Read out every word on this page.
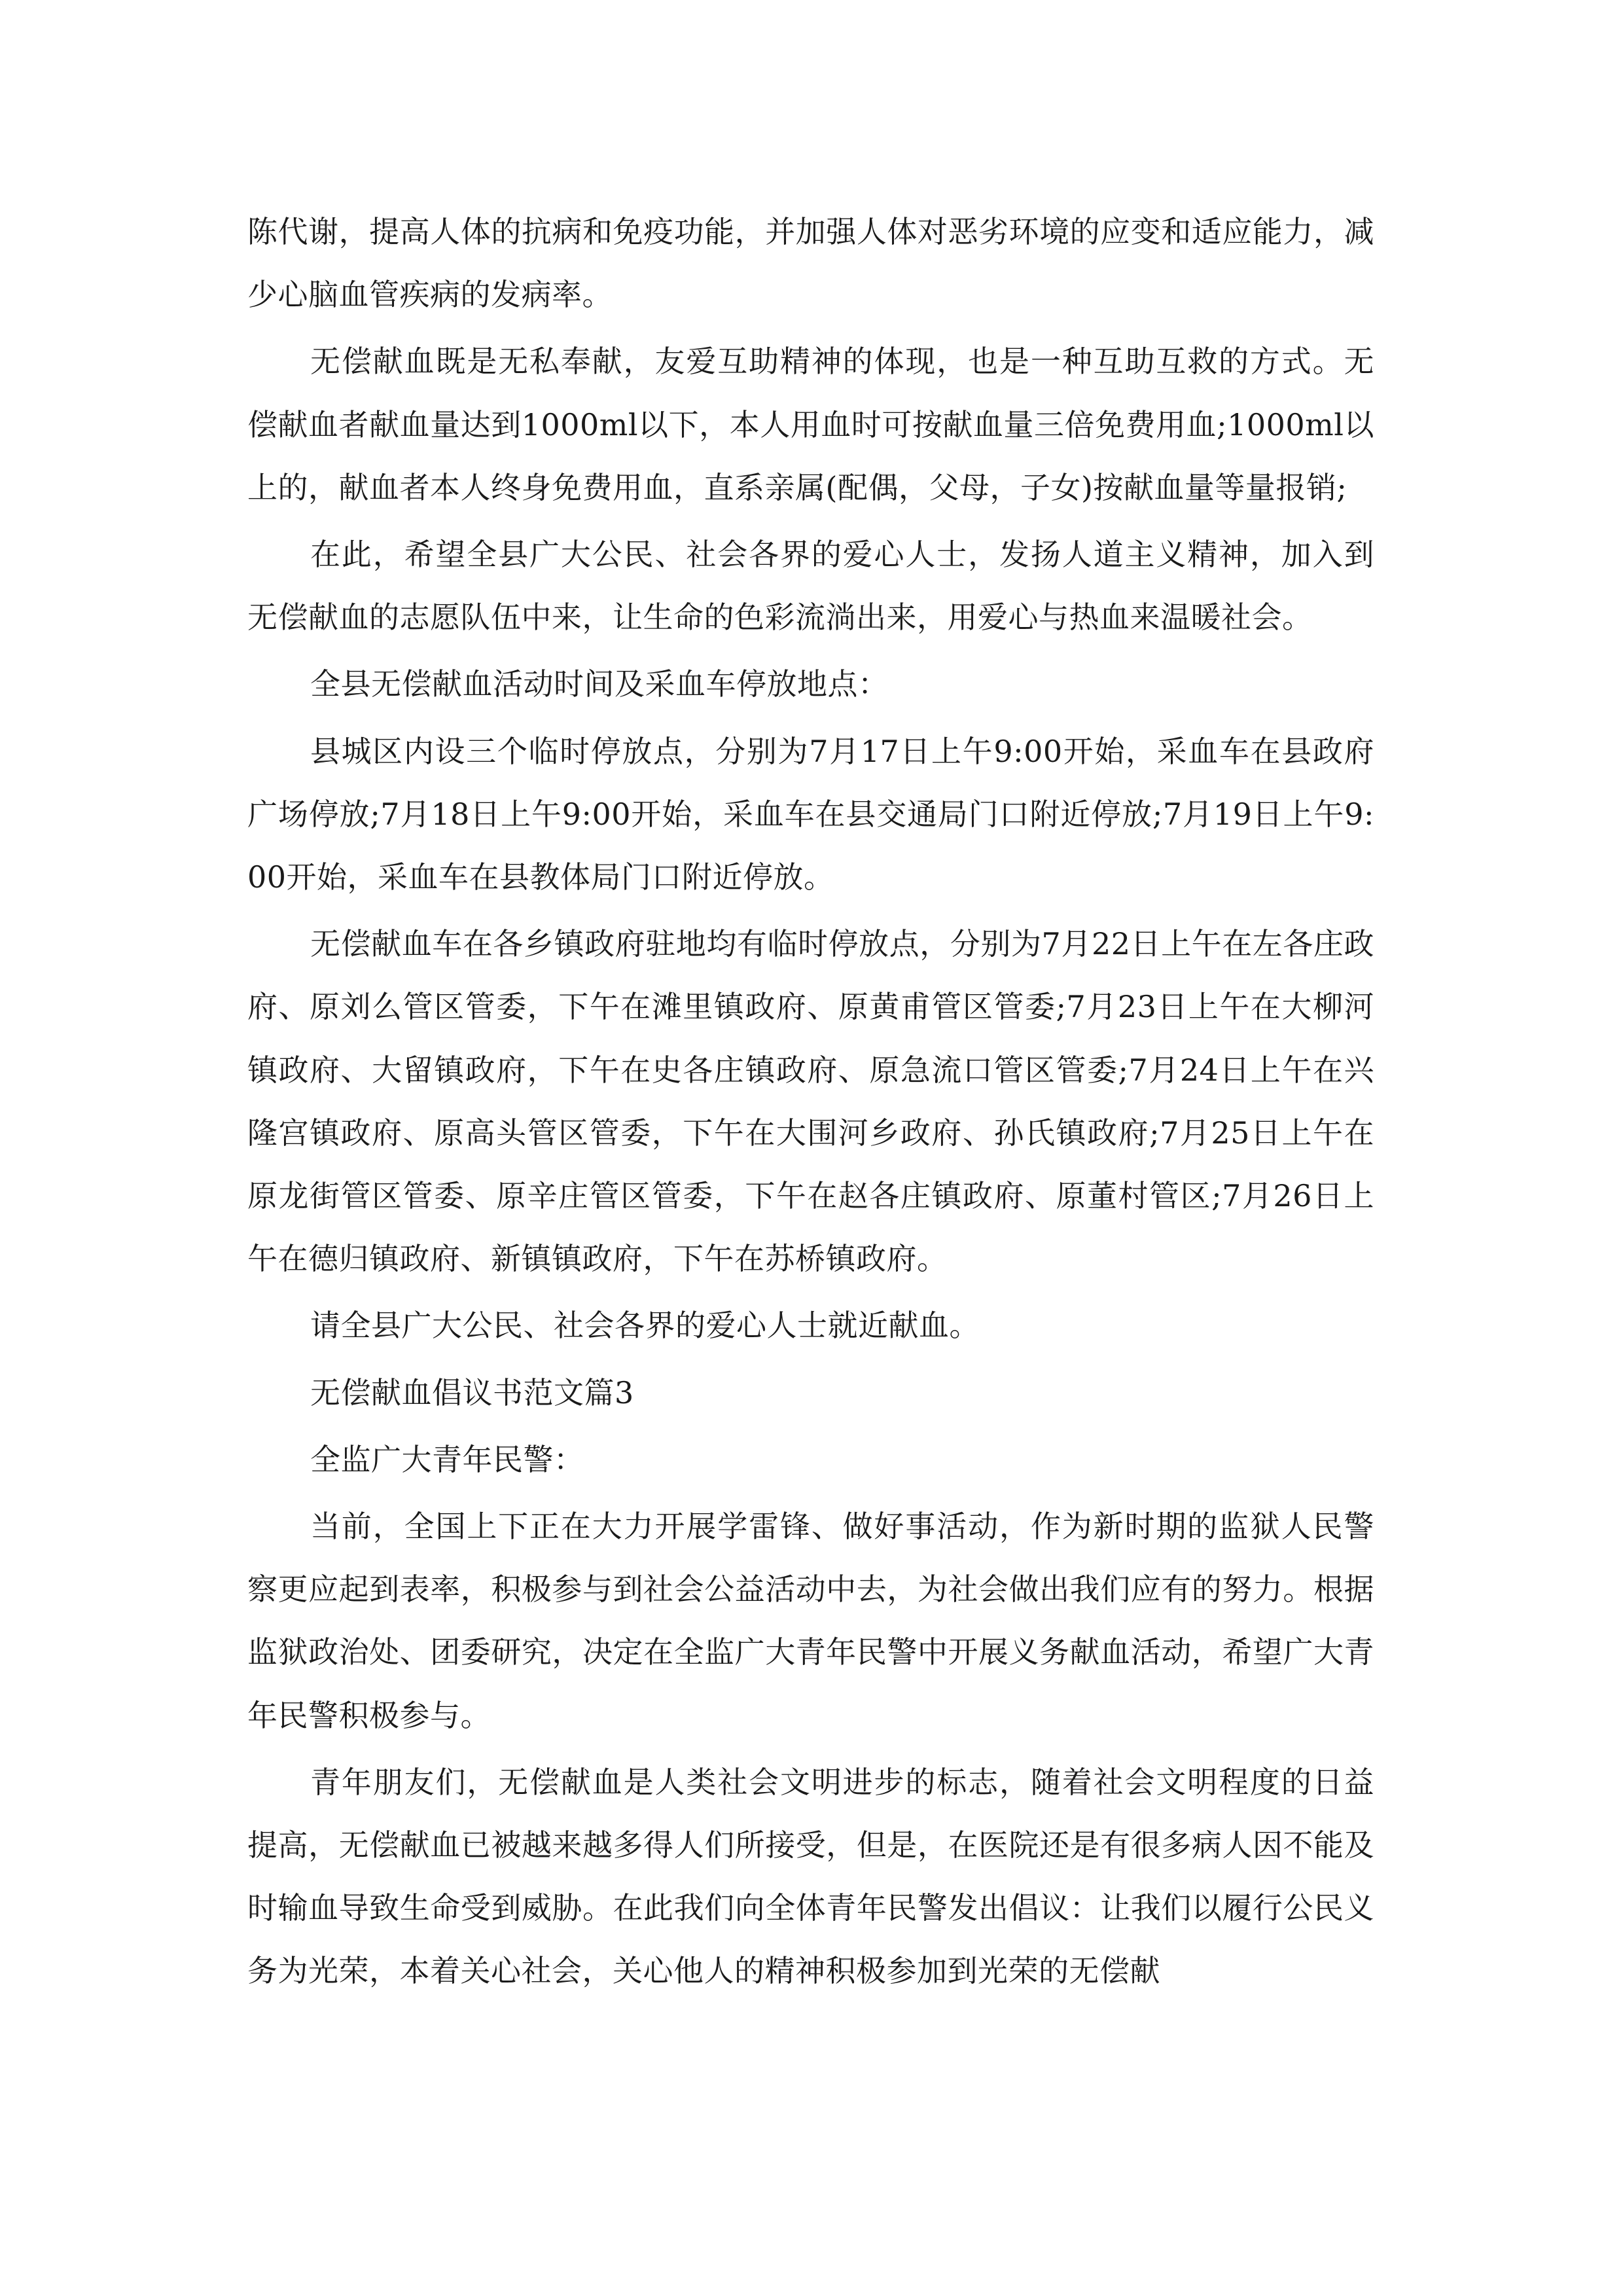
陈代谢，提高人体的抗病和免疫功能，并加强人体对恶劣环境的应变和适应能力，减少心脑血管疾病的发病率。

无偿献血既是无私奉献，友爱互助精神的体现，也是一种互助互救的方式。无偿献血者献血量达到1000ml以下，本人用血时可按献血量三倍免费用血;1000ml以上的，献血者本人终身免费用血，直系亲属(配偶，父母，子女)按献血量等量报销;

在此，希望全县广大公民、社会各界的爱心人士，发扬人道主义精神，加入到无偿献血的志愿队伍中来，让生命的色彩流淌出来，用爱心与热血来温暖社会。

全县无偿献血活动时间及采血车停放地点：

县城区内设三个临时停放点，分别为7月17日上午9:00开始，采血车在县政府广场停放;7月18日上午9:00开始，采血车在县交通局门口附近停放;7月19日上午9:00开始，采血车在县教体局门口附近停放。

无偿献血车在各乡镇政府驻地均有临时停放点，分别为7月22日上午在左各庄政府、原刘么管区管委，下午在滩里镇政府、原黄甫管区管委;7月23日上午在大柳河镇政府、大留镇政府，下午在史各庄镇政府、原急流口管区管委;7月24日上午在兴隆宫镇政府、原高头管区管委，下午在大围河乡政府、孙氏镇政府;7月25日上午在原龙街管区管委、原辛庄管区管委，下午在赵各庄镇政府、原董村管区;7月26日上午在德归镇政府、新镇镇政府，下午在苏桥镇政府。

请全县广大公民、社会各界的爱心人士就近献血。

无偿献血倡议书范文篇3

全监广大青年民警：

当前，全国上下正在大力开展学雷锋、做好事活动，作为新时期的监狱人民警察更应起到表率，积极参与到社会公益活动中去，为社会做出我们应有的努力。根据监狱政治处、团委研究，决定在全监广大青年民警中开展义务献血活动，希望广大青年民警积极参与。

青年朋友们，无偿献血是人类社会文明进步的标志，随着社会文明程度的日益提高，无偿献血已被越来越多得人们所接受，但是，在医院还是有很多病人因不能及时输血导致生命受到威胁。在此我们向全体青年民警发出倡议：让我们以履行公民义务为光荣，本着关心社会，关心他人的精神积极参加到光荣的无偿献
